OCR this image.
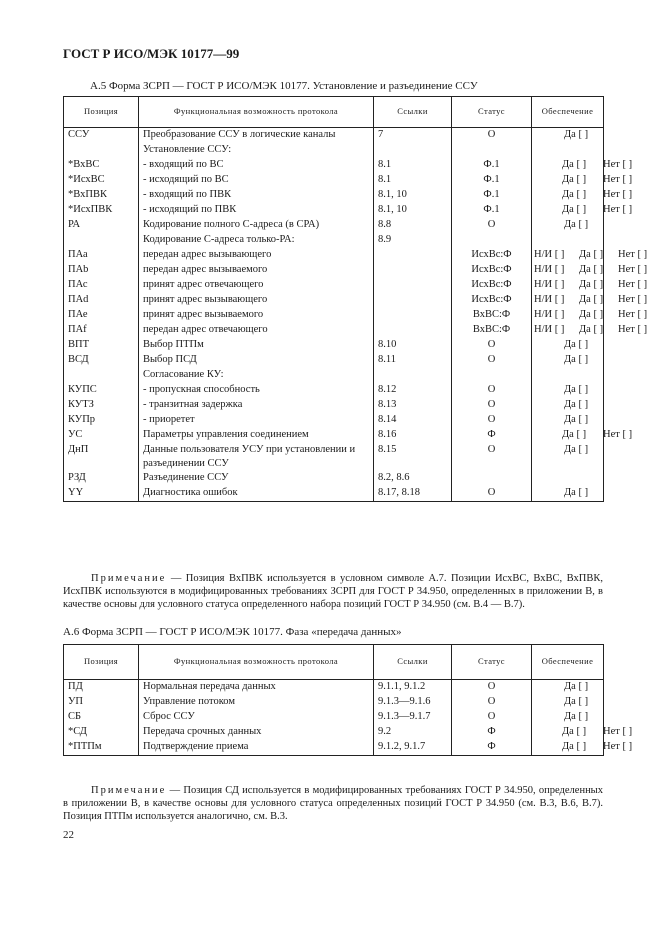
ГОСТ Р ИСО/МЭК 10177—99
А.5 Форма ЗСРП — ГОСТ Р ИСО/МЭК 10177. Установление и разъединение ССУ
Позиция	Функциональная возможность протокола	Ссылки	Статус	Обеспечение
ССУ	Преобразование ССУ в логические каналы	7	О	Да [ ]

	Установление ССУ:			

*ВхВС	- входящий по ВС	8.1	Ф.1	Да [ ] Нет [ ]

*ИсхВС	- исходящий по ВС	8.1	Ф.1	Да [ ] Нет [ ]

*ВхПВК	- входящий по ПВК	8.1, 10	Ф.1	Да [ ] Нет [ ]

*ИсхПВК	- исходящий по ПВК	8.1, 10	Ф.1	Да [ ] Нет [ ]

РА	Кодирование полного С-адреса (в СРА)	8.8	О	Да [ ]

	Кодирование С-адреса только-РА:	8.9		

ПАа	передан адрес вызывающего		ИсхВс:Ф	Н/И [ ] Да [ ] Нет [ ]

ПАb	передан адрес вызываемого		ИсхВс:Ф	Н/И [ ] Да [ ] Нет [ ]

ПАс	принят адрес отвечающего		ИсхВс:Ф	Н/И [ ] Да [ ] Нет [ ]

ПАd	принят адрес вызывающего		ИсхВс:Ф	Н/И [ ] Да [ ] Нет [ ]

ПАе	принят адрес вызываемого		ВхВС:Ф	Н/И [ ] Да [ ] Нет [ ]

ПАf	передан адрес отвечающего		ВхВС:Ф	Н/И [ ] Да [ ] Нет [ ]

ВПТ	Выбор ПТПм	8.10	О	Да [ ]

ВСД	Выбор ПСД	8.11	О	Да [ ]

	Согласование КУ:			

КУПС	- пропускная способность	8.12	О	Да [ ]

КУТЗ	- транзитная задержка	8.13	О	Да [ ]

КУПр	- приоретет	8.14	О	Да [ ]

УС	Параметры управления соединением	8.16	Ф	Да [ ] Нет [ ]

ДнП	Данные пользователя УСУ при установлении и разъединении ССУ	8.15	О	Да [ ]

РЗД	Разъединение ССУ	8.2, 8.6		

YY	Диагностика ошибок	8.17, 8.18	О	Да [ ]
Примечание — Позиция ВхПВК используется в условном символе А.7. Позиции ИсхВС, ВхВС, ВхПВК, ИсхПВК используются в модифицированных требованиях ЗСРП для ГОСТ Р 34.950, определенных в приложении В, в качестве основы для условного статуса определенного набора позиций ГОСТ Р 34.950 (см. В.4 — В.7).
А.6 Форма ЗСРП — ГОСТ Р ИСО/МЭК 10177. Фаза «передача данных»
Позиция	Функциональная возможность протокола	Ссылки	Статус	Обеспечение
ПД	Нормальная передача данных	9.1.1, 9.1.2	О	Да [ ]

УП	Управление потоком	9.1.3—9.1.6	О	Да [ ]

СБ	Сброс ССУ	9.1.3—9.1.7	О	Да [ ]

*СД	Передача срочных данных	9.2	Ф	Да [ ] Нет [ ]

*ПТПм	Подтверждение приема	9.1.2, 9.1.7	Ф	Да [ ] Нет [ ]
Примечание — Позиция СД используется в модифицированных требованиях ГОСТ Р 34.950, определенных в приложении В, в качестве основы для условного статуса определенных позиций ГОСТ Р 34.950 (см. В.3, В.6, В.7). Позиция ПТПм используется аналогично, см. В.3.
22
